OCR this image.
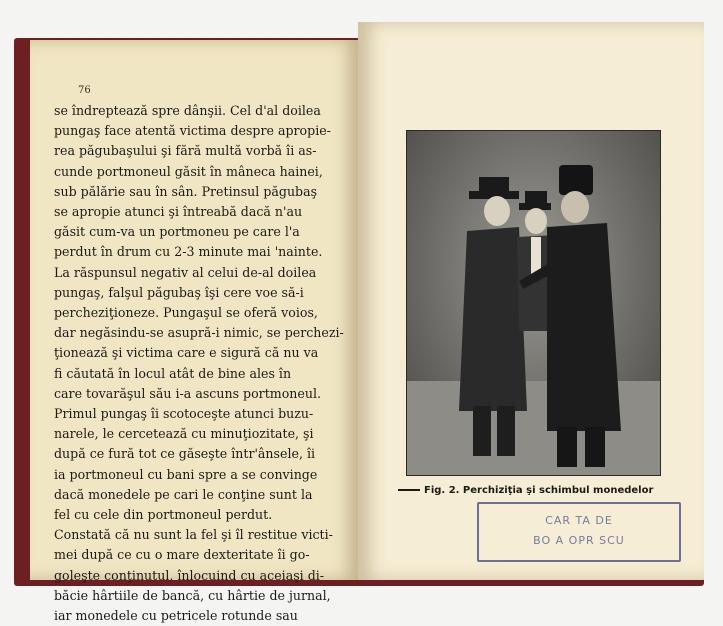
76
se îndreptează spre dânşii. Cel d'al doilea
pungaş face atentă victima despre apropie-
rea păgubaşului şi fără multă vorbă îi as-
cunde portmoneul găsit în mâneca hainei,
sub pălărie sau în sân. Pretinsul păgubaş
se apropie atunci şi întreabă dacă n'au
găsit cum-va un portmoneu pe care l'a
perdut în drum cu 2-3 minute mai 'nainte.
La răspunsul negativ al celui de-al doilea
pungaş, falşul păgubaş îşi cere voe să-i
percheziţioneze. Pungaşul se oferă voios,
dar negăsindu-se asupră-i nimic, se perchezi-
ţionează şi victima care e sigură că nu va
fi căutată în locul atât de bine ales în
care tovarăşul său i-a ascuns portmoneul.
Primul pungaş îi scotoceşte atunci buzu-
narele, le cercetează cu minuţiozitate, şi
după ce fură tot ce găseşte într'ânsele, îi
ia portmoneul cu bani spre a se convinge
dacă monedele pe cari le conţine sunt la
fel cu cele din portmoneul perdut.
Constată că nu sunt la fel şi îl restitue victi-
mei după ce cu o mare dexteritate îi go-
goleşte conţinutul, înlocuind cu aceiaşi di-
băcie hârtiile de bancă, cu hârtie de jurnal,
iar monedele cu petricele rotunde sau
Fig. 2. Perchiziţia şi schimbul monedelor
CAR TA DE
BO A OPR SCU
